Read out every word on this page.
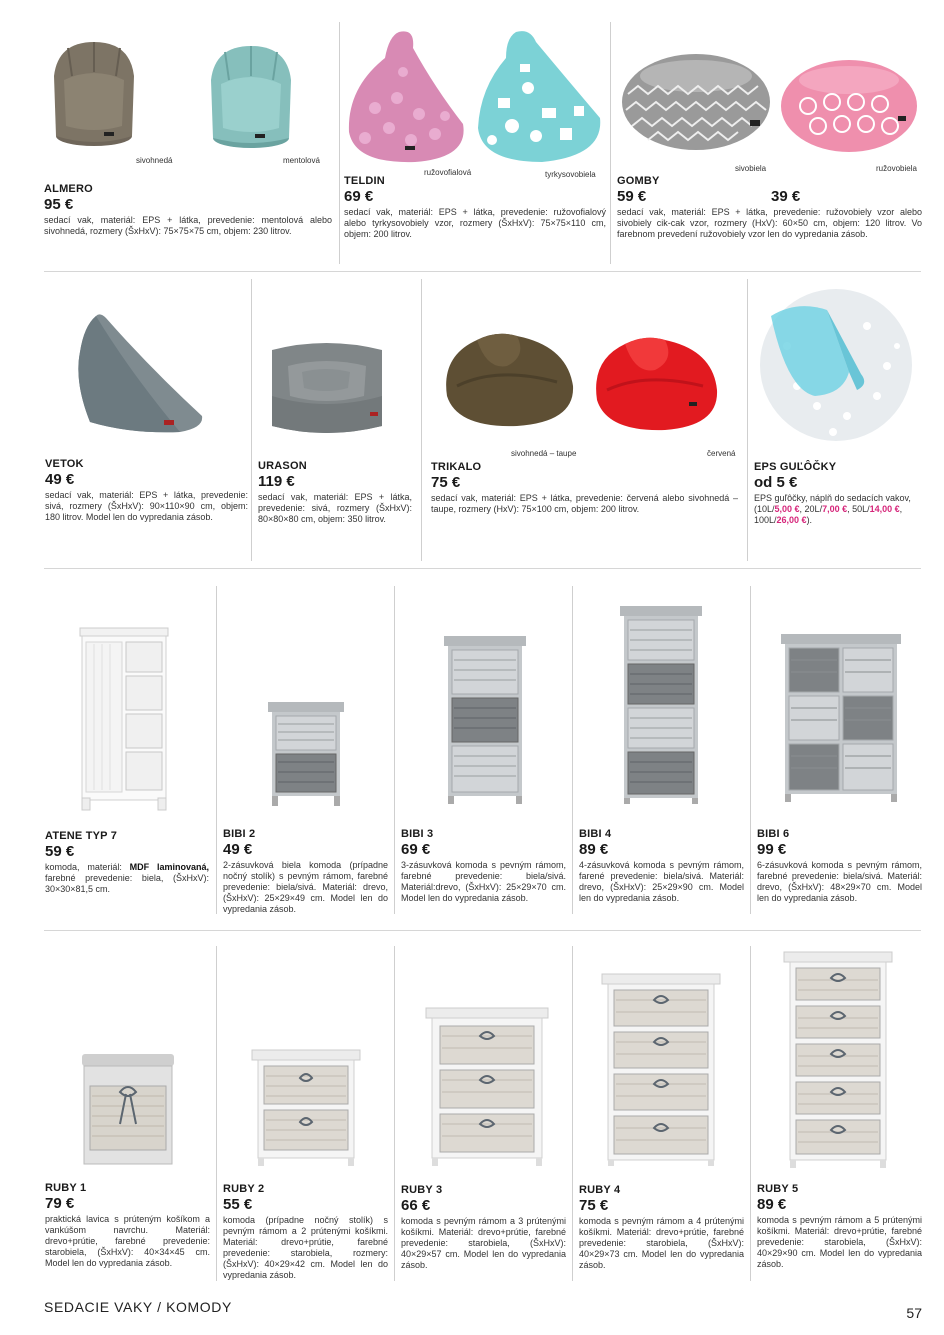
sivohnedá	mentolová
ALMERO
95 €
sedací vak, materiál: EPS + látka, prevedenie: mentolová alebo sivohnedá, rozmery (ŠxHxV): 75×75×75 cm, objem: 230 litrov.
ružovofialová	tyrkysovobiela
TELDIN
69 €
sedací vak, materiál: EPS + látka, prevedenie: ružovofialový alebo tyrkysovobiely vzor, rozmery (ŠxHxV): 75×75×110 cm, objem: 200 litrov.
sivobiela	ružovobiela
GOMBY
59 €	39 €
sedací vak, materiál: EPS + látka, prevedenie: ružovobiely vzor alebo sivobiely cik-cak vzor, rozmery (HxV): 60×50 cm, objem: 120 litrov. Vo farebnom prevedení ružovobiely vzor len do vypredania zásob.
sivohnedá – taupe	červená
VETOK
49 €
sedací vak, materiál: EPS + látka, prevedenie: sivá, rozmery (ŠxHxV): 90×110×90 cm, objem: 180 litrov. Model len do vypredania zásob.
URASON
119 €
sedací vak, materiál: EPS + látka, prevedenie: sivá, rozmery (ŠxHxV): 80×80×80 cm, objem: 350 litrov.
TRIKALO
75 €
sedací vak, materiál: EPS + látka, prevedenie: červená alebo sivohnedá – taupe, rozmery (HxV): 75×100 cm, objem: 200 litrov.
EPS GUĽÔČKY
od 5 €
EPS guľôčky, náplň do sedacích vakov, (10L/5,00 €, 20L/7,00 €, 50L/14,00 €, 100L/26,00 €).
ATENE TYP 7
59 €
komoda, materiál: MDF laminovaná, farebné prevedenie: biela, (ŠxHxV): 30×30×81,5 cm.
BIBI 2
49 €
2-zásuvková biela komoda (prípadne nočný stolík) s pevným rámom, farebné prevedenie: biela/sivá. Materiál: drevo, (ŠxHxV): 25×29×49 cm. Model len do vypredania zásob.
BIBI 3
69 €
3-zásuvková komoda s pevným rámom, farebné prevedenie: biela/sivá. Materiál:drevo, (ŠxHxV): 25×29×70 cm. Model len do vypredania zásob.
BIBI 4
89 €
4-zásuvková komoda s pevným rámom, farené prevedenie: biela/sivá. Materiál: drevo, (ŠxHxV): 25×29×90 cm. Model len do vypredania zásob.
BIBI 6
99 €
6-zásuvková komoda s pevným rámom, farebné prevedenie: biela/sivá. Materiál: drevo, (ŠxHxV): 48×29×70 cm. Model len do vypredania zásob.
RUBY 1
79 €
praktická lavica s prúteným košíkom a vankúšom navrchu. Materiál: drevo+prútie, farebné prevedenie: starobiela, (ŠxHxV): 40×34×45 cm. Model len do vypredania zásob.
RUBY 2
55 €
komoda (prípadne nočný stolík) s pevným rámom a 2 prútenými košíkmi. Materiál: drevo+prútie, farebné prevedenie: starobiela, rozmery: (ŠxHxV): 40×29×42 cm. Model len do vypredania zásob.
RUBY 3
66 €
komoda s pevným rámom a 3 prútenými košíkmi. Materiál: drevo+prútie, farebné prevedenie: starobiela, (ŠxHxV): 40×29×57 cm. Model len do vypredania zásob.
RUBY 4
75 €
komoda s pevným rámom a 4 prútenými košíkmi. Materiál: drevo+prútie, farebné prevedenie: starobiela, (ŠxHxV): 40×29×73 cm. Model len do vypredania zásob.
RUBY 5
89 €
komoda s pevným rámom a 5 prútenými košíkmi. Materiál: drevo+prútie, farebné prevedenie: starobiela, (ŠxHxV): 40×29×90 cm. Model len do vypredania zásob.
SEDACIE VAKY / KOMODY	57
